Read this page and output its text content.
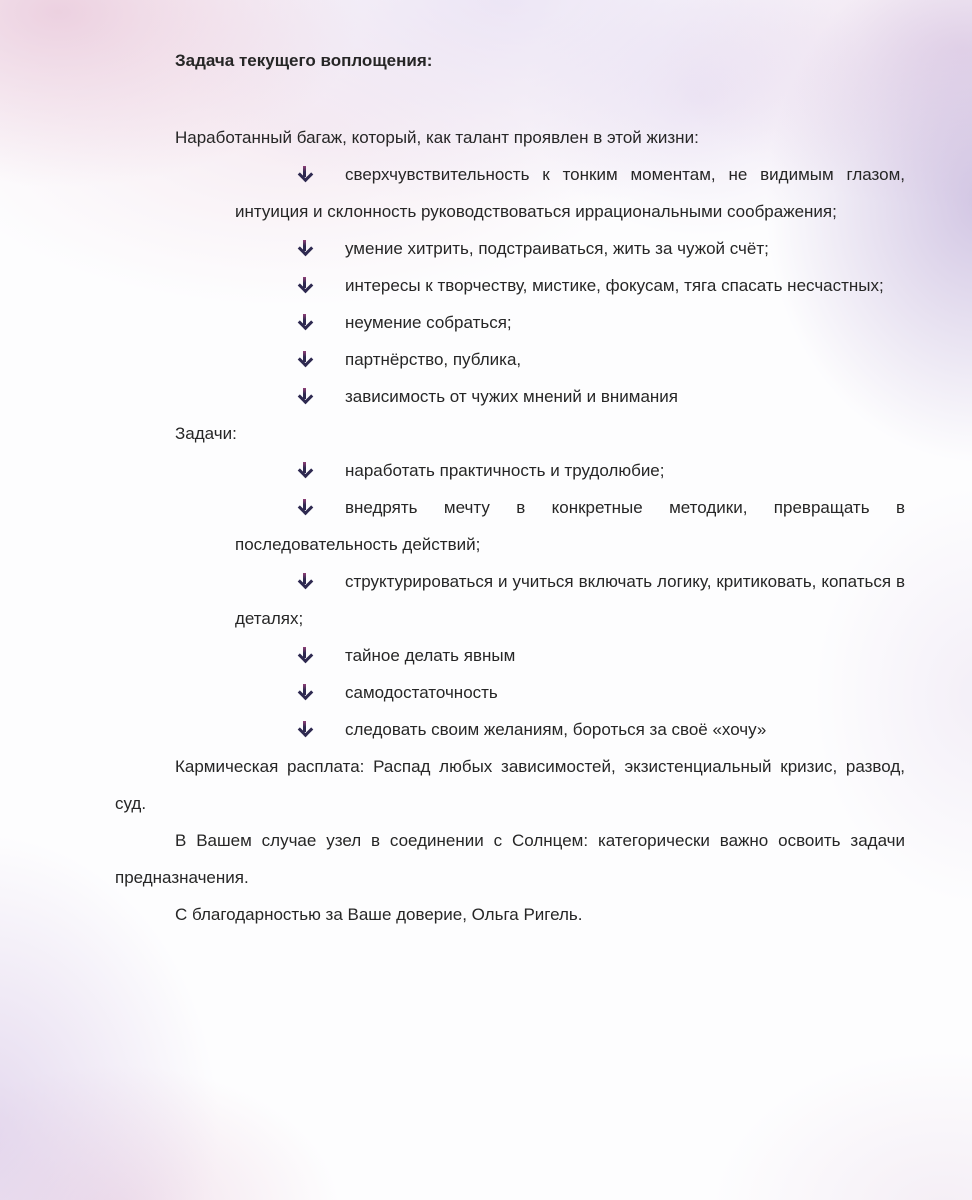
Задача текущего воплощения:

Наработанный багаж, который, как талант проявлен в этой жизни:

сверхчувствительность к тонким моментам, не видимым глазом, интуиция и склонность руководствоваться иррациональными соображения;
умение хитрить, подстраиваться, жить за чужой счёт;
интересы к творчеству, мистике, фокусам, тяга спасать несчастных;
неумение собраться;
партнёрство, публика,
зависимость от чужих мнений и внимания

Задачи:

наработать практичность и трудолюбие;
внедрять мечту в конкретные методики, превращать в последовательность действий;
структурироваться и учиться включать логику, критиковать, копаться в деталях;
тайное делать явным
самодостаточность
следовать своим желаниям, бороться за своё «хочу»

Кармическая расплата: Распад любых зависимостей, экзистенциальный кризис, развод, суд.

В Вашем случае узел в соединении с Солнцем: категорически важно освоить задачи предназначения.

С благодарностью за Ваше доверие, Ольга Ригель.
